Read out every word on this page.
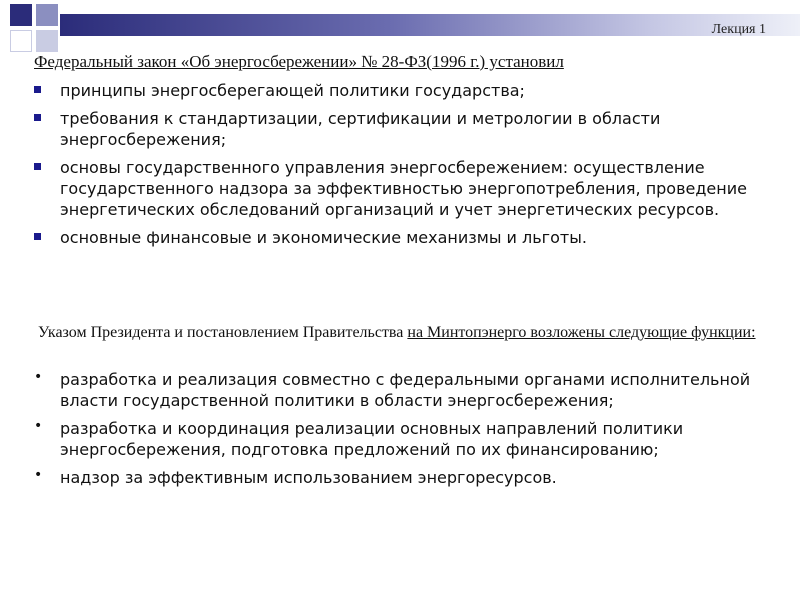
Лекция 1
Федеральный закон «Об энергосбережении» № 28-ФЗ(1996 г.) установил
принципы энергосберегающей политики государства;
требования к стандартизации, сертификации и метрологии в области энергосбережения;
основы государственного управления энергосбережением: осуществление государственного надзора за эффективностью энергопотребления, проведение энергетических обследований организаций и учет энергетических ресурсов.
основные финансовые и экономические механизмы и льготы.
Указом Президента и постановлением Правительства на Минтопэнерго возложены следующие функции:
• разработка и реализация совместно с федеральными органами исполнительной власти государственной политики в области энергосбережения;
• разработка и координация реализации основных направлений политики энергосбережения, подготовка предложений по их финансированию;
• надзор за эффективным использованием энергоресурсов.
